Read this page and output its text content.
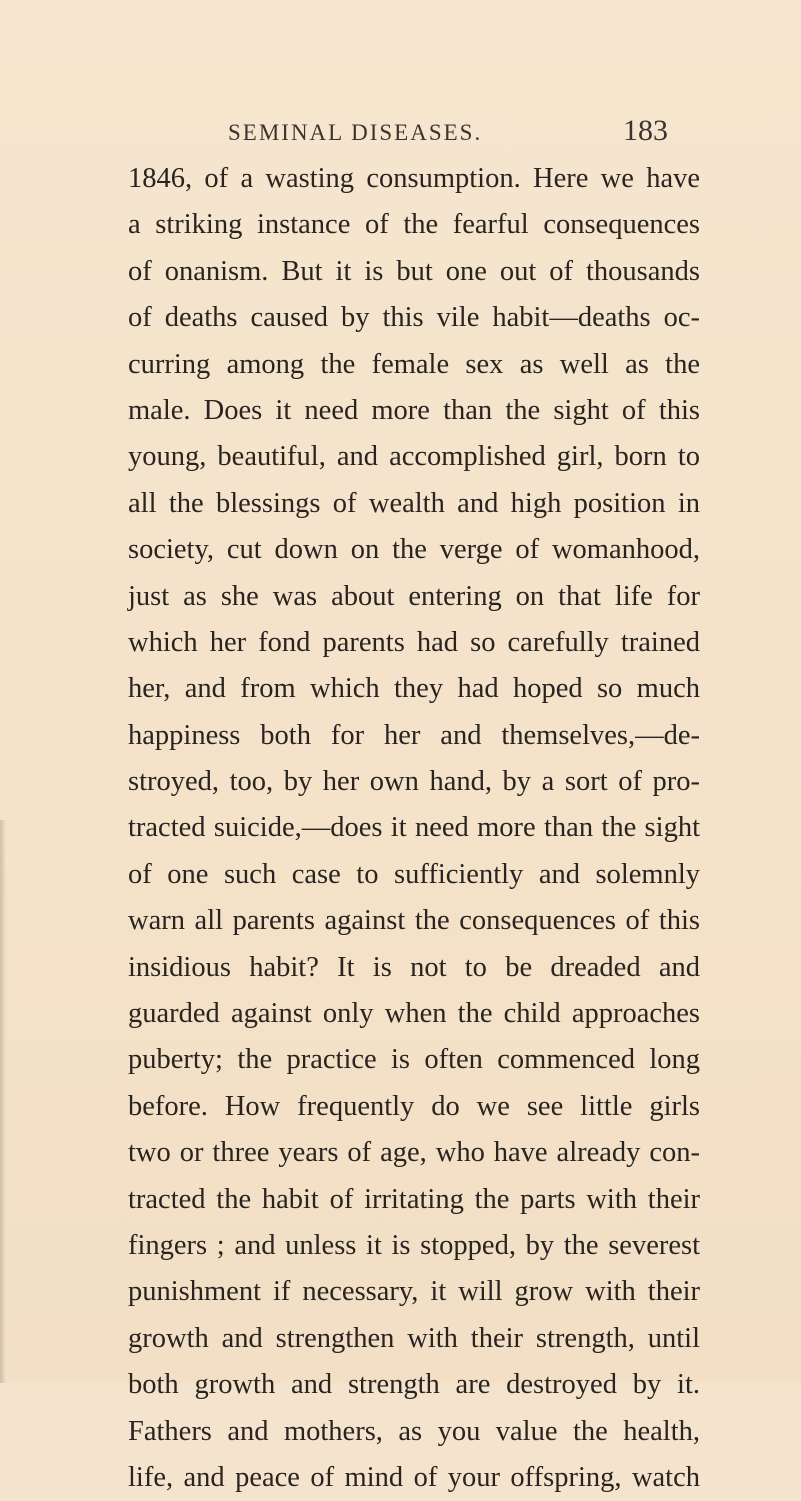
SEMINAL DISEASES.	183
1846, of a wasting consumption. Here we have
a striking instance of the fearful consequences
of onanism. But it is but one out of thousands
of deaths caused by this vile habit—deaths oc-
curring among the female sex as well as the
male. Does it need more than the sight of this
young, beautiful, and accomplished girl, born to
all the blessings of wealth and high position in
society, cut down on the verge of womanhood,
just as she was about entering on that life for
which her fond parents had so carefully trained
her, and from which they had hoped so much
happiness both for her and themselves,—de-
stroyed, too, by her own hand, by a sort of pro-
tracted suicide,—does it need more than the sight
of one such case to sufficiently and solemnly
warn all parents against the consequences of this
insidious habit? It is not to be dreaded and
guarded against only when the child approaches
puberty; the practice is often commenced long
before. How frequently do we see little girls
two or three years of age, who have already con-
tracted the habit of irritating the parts with their
fingers ; and unless it is stopped, by the severest
punishment if necessary, it will grow with their
growth and strengthen with their strength, until
both growth and strength are destroyed by it.
Fathers and mothers, as you value the health,
life, and peace of mind of your offspring, watch
